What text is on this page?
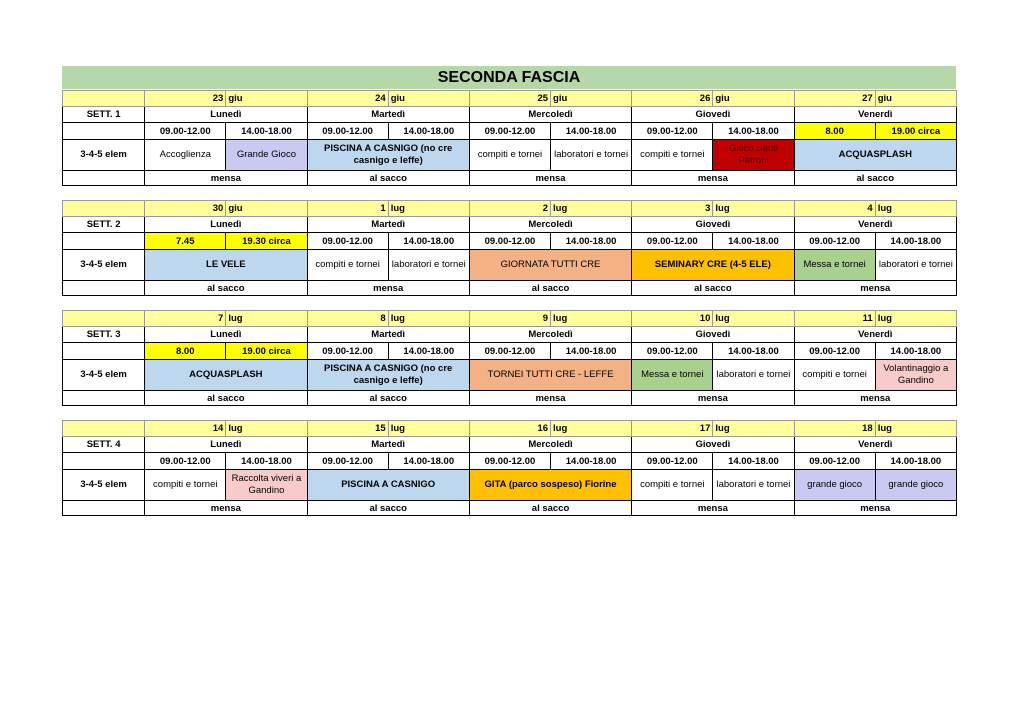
SECONDA FASCIA
	23	giu	24	giu	25	giu	26	giu	27	giu
SETT. 1	Lunedì		Martedì		Mercoledì		Giovedì		Venerdì	
	09.00-12.00	14.00-18.00	09.00-12.00	14.00-18.00	09.00-12.00	14.00-18.00	09.00-12.00	14.00-18.00	8.00	19.00 circa
3-4-5 elem	Accoglienza	Grande Gioco	PISCINA A CASNIGO (no cre casnigo e leffe)		compiti e tornei	laboratori e tornei	compiti e tornei	Gioco Santi Patroni	ACQUASPLASH	
	mensa		al sacco		mensa		mensa		al sacco	
	30	giu	1	lug	2	lug	3	lug	4	lug
SETT. 2	Lunedì		Martedì		Mercoledì		Giovedì		Venerdì	
	7.45	19.30 circa	09.00-12.00	14.00-18.00	09.00-12.00	14.00-18.00	09.00-12.00	14.00-18.00	09.00-12.00	14.00-18.00
3-4-5 elem	LE VELE		compiti e tornei	laboratori e tornei	GIORNATA TUTTI CRE		SEMINARY CRE (4-5 ELE)		Messa e tornei	laboratori e tornei
	al sacco		mensa		al sacco		al sacco		mensa	
	7	lug	8	lug	9	lug	10	lug	11	lug
SETT. 3	Lunedì		Martedì		Mercoledì		Giovedì		Venerdì	
	8.00	19.00 circa	09.00-12.00	14.00-18.00	09.00-12.00	14.00-18.00	09.00-12.00	14.00-18.00	09.00-12.00	14.00-18.00
3-4-5 elem	ACQUASPLASH		PISCINA A CASNIGO (no cre casnigo e leffe)		TORNEI TUTTI CRE - LEFFE		Messa e tornei	laboratori e tornei	compiti e tornei	Volantinaggio a Gandino
	al sacco		al sacco		mensa		mensa		mensa	
	14	lug	15	lug	16	lug	17	lug	18	lug
SETT. 4	Lunedì		Martedì		Mercoledì		Giovedì		Venerdì	
	09.00-12.00	14.00-18.00	09.00-12.00	14.00-18.00	09.00-12.00	14.00-18.00	09.00-12.00	14.00-18.00	09.00-12.00	14.00-18.00
3-4-5 elem	compiti e tornei	Raccolta viveri a Gandino	PISCINA A CASNIGO		GITA (parco sospeso) Fiorine		compiti e tornei	laboratori e tornei	grande gioco	grande gioco
	mensa		al sacco		al sacco		mensa		mensa	
